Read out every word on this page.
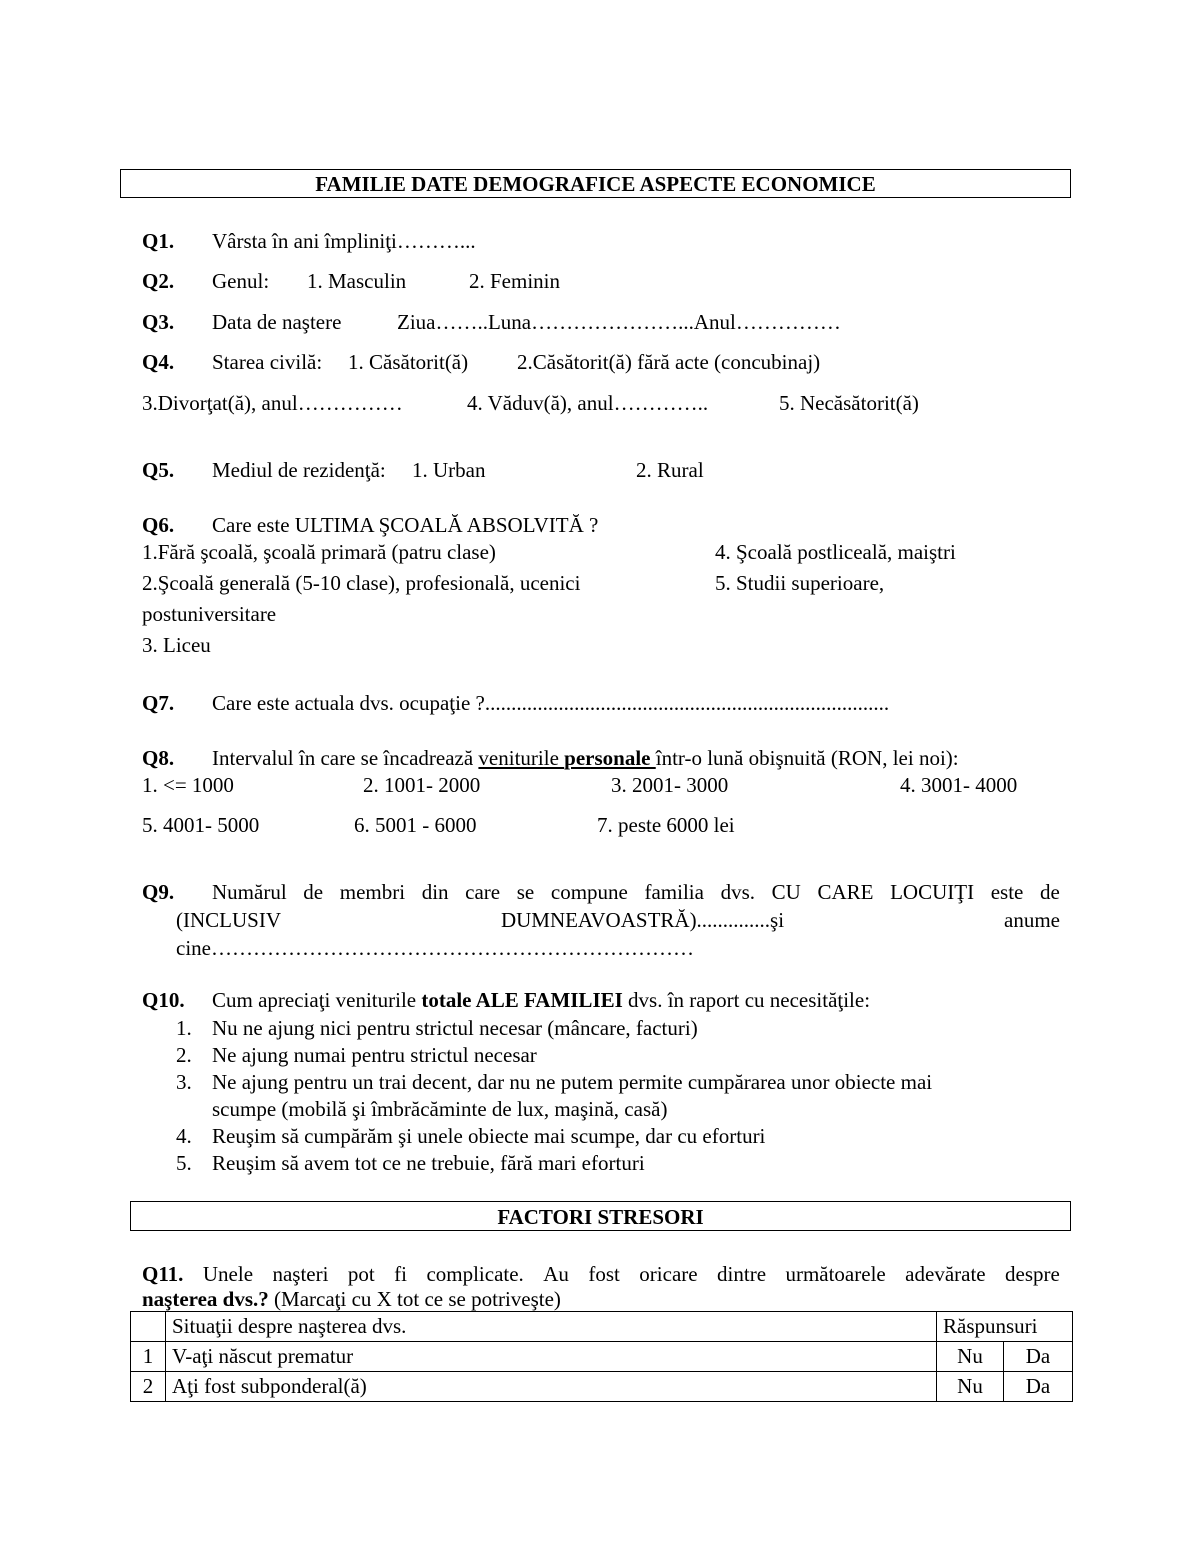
FAMILIE DATE DEMOGRAFICE ASPECTE ECONOMICE
Q1. Vârsta în ani împliniţi………...
Q2. Genul: 1. Masculin	2. Feminin
Q3. Data de naştere	Ziua……..Luna…………………...Anul……………
Q4. Starea civilă: 1. Căsătorit(ă) 2.Căsătorit(ă) fără acte (concubinaj)
3.Divorţat(ă), anul……………	4. Văduv(ă), anul…………..	5. Necăsătorit(ă)
Q5. Mediul de rezidenţă: 1. Urban	2. Rural
Q6. Care este ULTIMA ŞCOALĂ ABSOLVITĂ ?
1.Fără şcoală, şcoală primară (patru clase)	4. Şcoală postliceală, maiştri
2.Şcoală generală (5-10 clase), profesională, ucenici	5. Studii superioare,
postuniversitare
3. Liceu
Q7. Care este actuala dvs. ocupaţie ?.............................................................................
Q8. Intervalul în care se încadrează veniturile personale într-o lună obişnuită (RON, lei noi):
1. <= 1000	2. 1001- 2000	3. 2001- 3000	4. 3001- 4000
5. 4001- 5000	6. 5001 - 6000	7. peste 6000 lei
Q9. Numărul de membri din care se compune familia dvs. CU CARE LOCUIŢI este de
(INCLUSIV	DUMNEAVOASTRĂ)..............şi	anume
cine……………………………………………………………
Q10. Cum apreciaţi veniturile totale ALE FAMILIEI dvs. în raport cu necesităţile:
1. Nu ne ajung nici pentru strictul necesar (mâncare, facturi)
2. Ne ajung numai pentru strictul necesar
3. Ne ajung pentru un trai decent, dar nu ne putem permite cumpărarea unor obiecte mai
scumpe (mobilă şi îmbrăcăminte de lux, maşină, casă)
4. Reuşim să cumpărăm şi unele obiecte mai scumpe, dar cu eforturi
5. Reuşim să avem tot ce ne trebuie, fără mari eforturi
FACTORI STRESORI
Q11. Unele naşteri pot fi complicate. Au fost oricare dintre următoarele adevărate despre
naşterea dvs.? (Marcaţi cu X tot ce se potriveşte)
	Situaţii despre naşterea dvs.	Răspunsuri	
1	V-aţi născut prematur	Nu	Da
2	Aţi fost subponderal(ă)	Nu	Da
